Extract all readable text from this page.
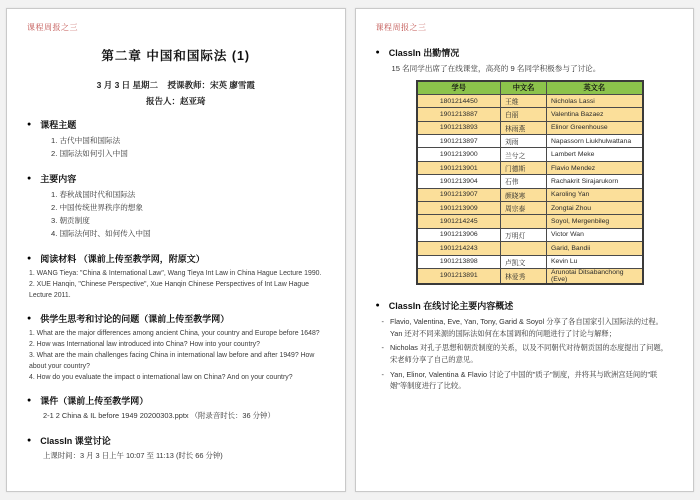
课程周报之三
第二章 中国和国际法 (1)
3 月 3 日 星期二    授课教师：宋英 廖雪霞
报告人：赵亚琦
● 课程主题
1. 古代中国和国际法
2. 国际法如何引入中国
● 主要内容
1. 春秋战国时代和国际法
2. 中国传统世界秩序的想象
3. 朝贡制度
4. 国际法何时、如何传入中国
● 阅读材料 （课前上传至教学网，附原文）
1. WANG Tieya: "China & International Law", Wang Tieya Int Law in China Hague Lecture 1990.
2. XUE Hanqin, "Chinese Perspective", Xue Hanqin Chinese Perspectives of Int Law Hague Lecture 2011.
● 供学生思考和讨论的问题（课前上传至教学网）
1. What are the major differences among ancient China, your country and Europe before 1648?
2. How was International law introduced into China? How into your country?
3. What are the main challenges facing China in international law before and after 1949? How about your country?
4. How do you evaluate the impact o international law on China? And on your country?
● 课件（课前上传至教学网）
2-1 2 China & IL before 1949 20200303.pptx （附录音时长：36 分钟）
● ClassIn 课堂讨论
上课时间：3 月 3 日上午 10:07 至 11:13 (时长 66 分钟)
课程周报之三
● ClassIn 出勤情况
15 名同学出席了在线课堂，高亮的 9 名同学积极参与了讨论。
学号	中文名	英文名
1801214450	王维	Nicholas Lassi
1901213887	白丽	Valentina Bazaez
1901213893	林雨燕	Elinor Greenhouse
1901213897	刘雨	Napassorn Liukhulwattana
1901213900	兰兮之	Lambert Meke
1901213901	门德斯	Flavio Mendez
1901213904	石伟	Rachakrit Sirajarukorn
1901213907	颜晓寒	Karoling Yan
1901213909	周宗泰	Zongtai Zhou
1901214245		Soyol, Mergenbileg
1901213906	万明灯	Victor Wan
1901214243		Garid, Bandii
1901213898	卢凯文	Kevin Lu
1901213891	林爱秀	Arunotai Ditsabanchong (Eve)
● ClassIn 在线讨论主要内容概述
- Flavio, Valentina, Eve, Yan, Tony, Garid & Soyol 分享了各自国家引入国际法的过程。Yan 还对不同来源的国际法如何在本国调和的问题进行了讨论与解释；
- Nicholas 对孔子思想和朝贡制度的关系，以及不同朝代对待朝贡国的态度提出了问题，宋老师分享了自己的意见。
- Yan, Elinor, Valentina & Flavio 讨论了中国的"质子"制度，并将其与欧洲宫廷间的"联姻"等制度进行了比较。
